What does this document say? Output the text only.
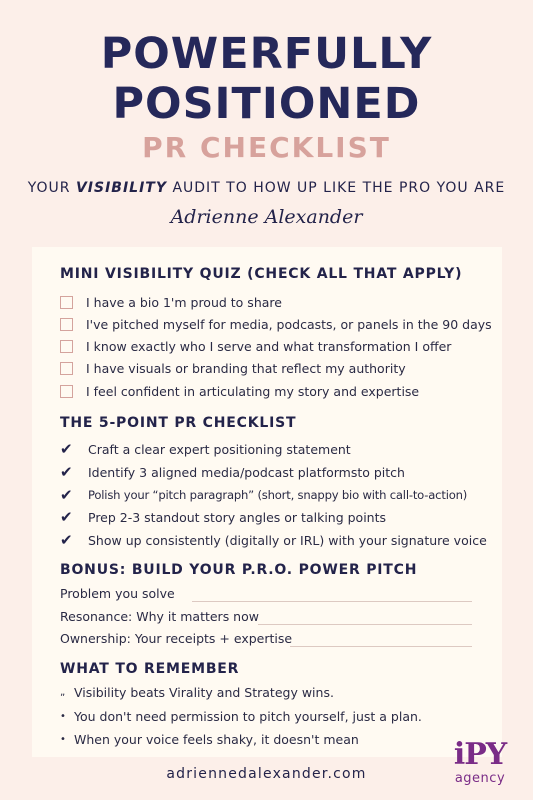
POWERFULLY
POSITIONED
PR CHECKLIST
YOUR VISIBILITY AUDIT TO HOW UP LIKE THE PRO YOU ARE
Adrienne Alexander
MINI VISIBILITY QUIZ (CHECK ALL THAT APPLY)
I have a bio 1'm proud to share
I've pitched myself for media, podcasts, or panels in the 90 days
I know exactly who I serve and what transformation I offer
I have visuals or branding that reflect my authority
I feel confident in articulating my story and expertise
THE 5-POINT PR CHECKLIST
✔	Craft a clear expert positioning statement
✔	Identify 3 aligned media/podcast platformsto pitch
✔	Polish your “pitch paragraph” (short, snappy bio with call-to-action)
✔	Prep 2-3 standout story angles or talking points
✔	Show up consistently (digitally or IRL) with your signature voice
BONUS: BUILD YOUR P.R.O. POWER PITCH
Problem you solve
Resonance: Why it matters now
Ownership: Your receipts + expertise
WHAT TO REMEMBER
„ Visibility beats Virality and Strategy wins.
• You don't need permission to pitch yourself, just a plan.
• When your voice feels shaky, it doesn't mean
adriennedalexander.com
iPY
agency
